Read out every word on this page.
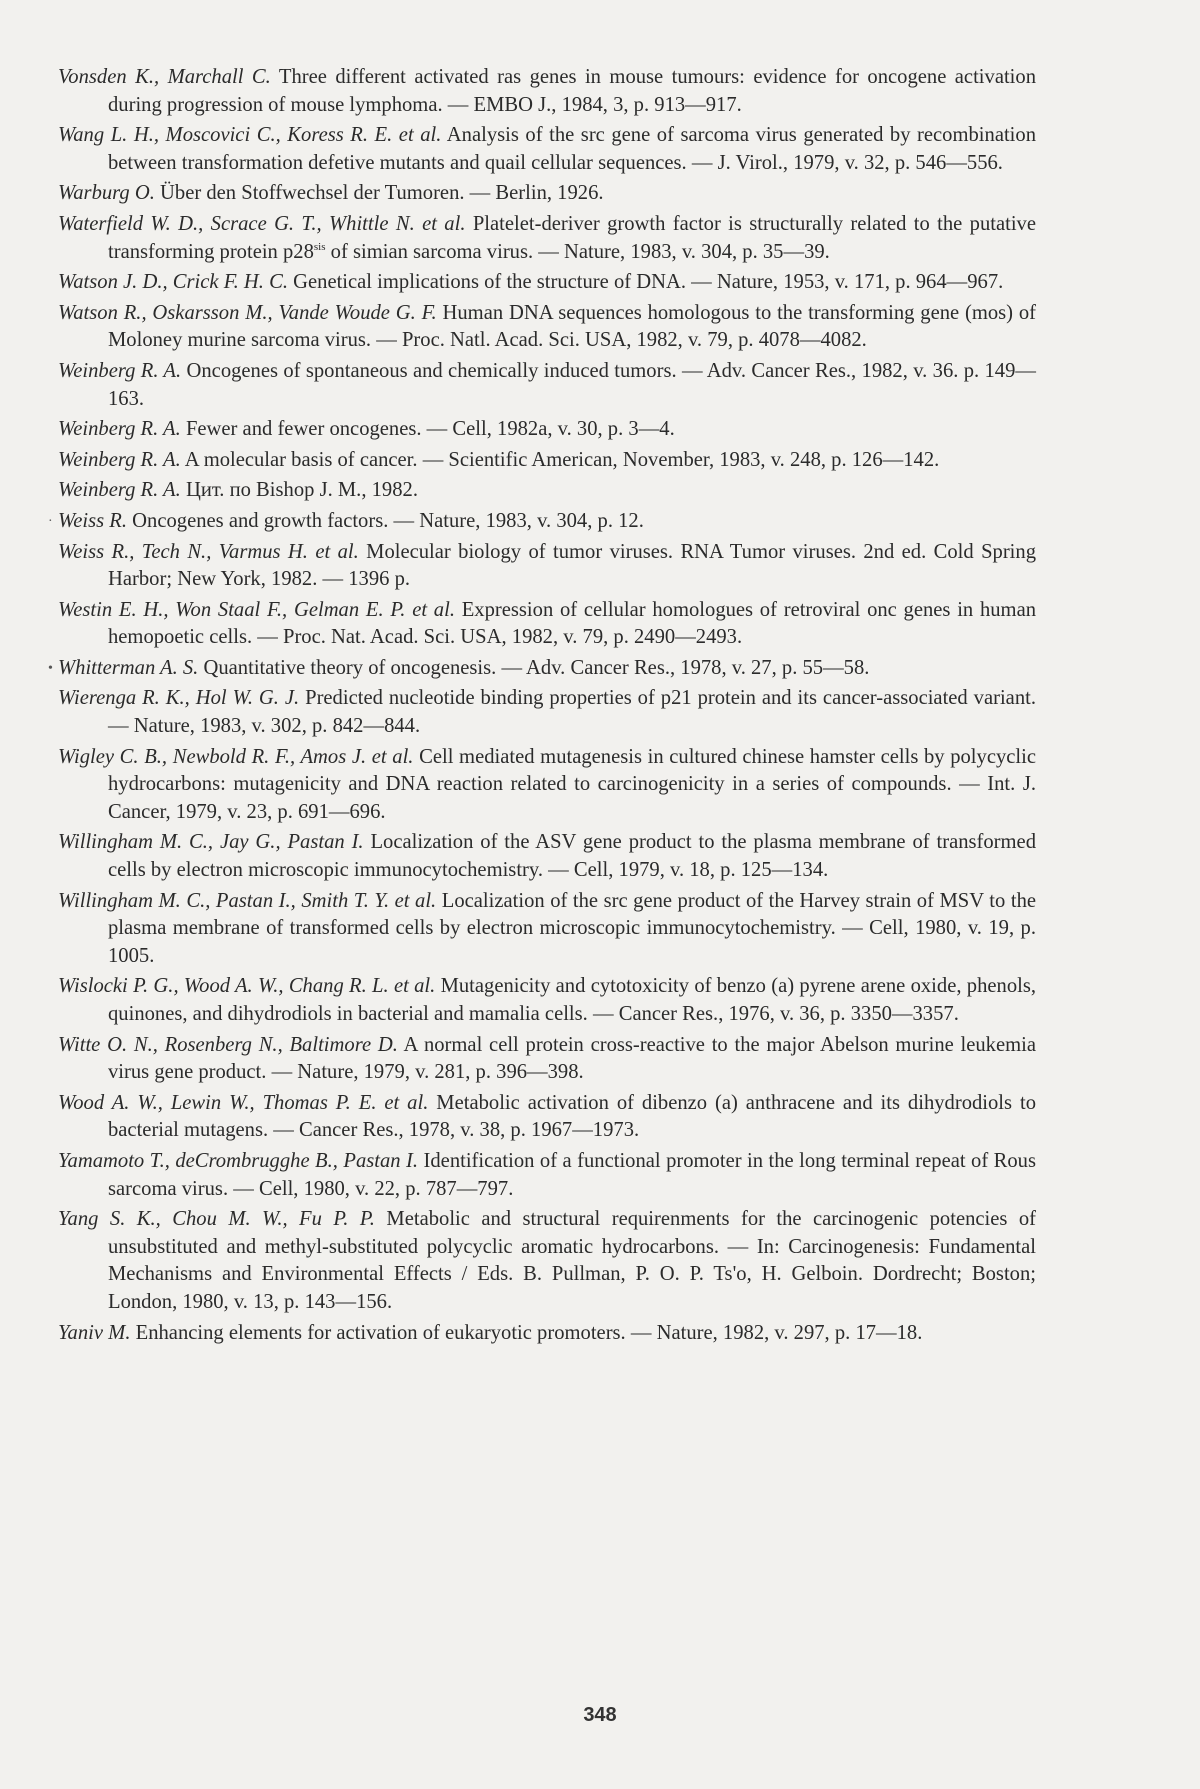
Vonsden K., Marchall C. Three different activated ras genes in mouse tumours: evidence for oncogene activation during progression of mouse lymphoma. — EMBO J., 1984, 3, p. 913—917.

Wang L. H., Moscovici C., Koress R. E. et al. Analysis of the src gene of sarcoma virus generated by recombination between transformation defetive mutants and quail cellular sequences. — J. Virol., 1979, v. 32, p. 546—556.

Warburg O. Über den Stoffwechsel der Tumoren. — Berlin, 1926.

Waterfield W. D., Scrace G. T., Whittle N. et al. Platelet-deriver growth factor is structurally related to the putative transforming protein $p28^{sis}$ of simian sarcoma virus. — Nature, 1983, v. 304, p. 35—39.

Watson J. D., Crick F. H. C. Genetical implications of the structure of DNA. — Nature, 1953, v. 171, p. 964—967.

Watson R., Oskarsson M., Vande Woude G. F. Human DNA sequences homologous to the transforming gene (mos) of Moloney murine sarcoma virus. — Proc. Natl. Acad. Sci. USA, 1982, v. 79, p. 4078—4082.

Weinberg R. A. Oncogenes of spontaneous and chemically induced tumors. — Adv. Cancer Res., 1982, v. 36. p. 149—163.

Weinberg R. A. Fewer and fewer oncogenes. — Cell, 1982a, v. 30, p. 3—4.

Weinberg R. A. A molecular basis of cancer. — Scientific American, November, 1983, v. 248, p. 126—142.

Weinberg R. A. Цит. по Bishop J. M., 1982.

· Weiss R. Oncogenes and growth factors. — Nature, 1983, v. 304, p. 12.

Weiss R., Tech N., Varmus H. et al. Molecular biology of tumor viruses. RNA Tumor viruses. 2nd ed. Cold Spring Harbor; New York, 1982. — 1396 p.

Westin E. H., Won Staal F., Gelman E. P. et al. Expression of cellular homologues of retroviral onc genes in human hemopoetic cells. — Proc. Nat. Acad. Sci. USA, 1982, v. 79, p. 2490—2493.

• Whitterman A. S. Quantitative theory of oncogenesis. — Adv. Cancer Res., 1978, v. 27, p. 55—58.

Wierenga R. K., Hol W. G. J. Predicted nucleotide binding properties of p21 protein and its cancer-associated variant. — Nature, 1983, v. 302, p. 842—844.

Wigley C. B., Newbold R. F., Amos J. et al. Cell mediated mutagenesis in cultured chinese hamster cells by polycyclic hydrocarbons: mutagenicity and DNA reaction related to carcinogenicity in a series of compounds. — Int. J. Cancer, 1979, v. 23, p. 691—696.

Willingham M. C., Jay G., Pastan I. Localization of the ASV gene product to the plasma membrane of transformed cells by electron microscopic immunocytochemistry. — Cell, 1979, v. 18, p. 125—134.

Willingham M. C., Pastan I., Smith T. Y. et al. Localization of the src gene product of the Harvey strain of MSV to the plasma membrane of transformed cells by electron microscopic immunocytochemistry. — Cell, 1980, v. 19, p. 1005.

Wislocki P. G., Wood A. W., Chang R. L. et al. Mutagenicity and cytotoxicity of benzo (a) pyrene arene oxide, phenols, quinones, and dihydrodiols in bacterial and mamalia cells. — Cancer Res., 1976, v. 36, p. 3350—3357.

Witte O. N., Rosenberg N., Baltimore D. A normal cell protein cross-reactive to the major Abelson murine leukemia virus gene product. — Nature, 1979, v. 281, p. 396—398.

Wood A. W., Lewin W., Thomas P. E. et al. Metabolic activation of dibenzo (a) anthracene and its dihydrodiols to bacterial mutagens. — Cancer Res., 1978, v. 38, p. 1967—1973.

Yamamoto T., deCrombrugghe B., Pastan I. Identification of a functional promoter in the long terminal repeat of Rous sarcoma virus. — Cell, 1980, v. 22, p. 787—797.

Yang S. K., Chou M. W., Fu P. P. Metabolic and structural requirenments for the carcinogenic potencies of unsubstituted and methyl-substituted polycyclic aromatic hydrocarbons. — In: Carcinogenesis: Fundamental Mechanisms and Environmental Effects / Eds. B. Pullman, P. O. P. Ts'o, H. Gelboin. Dordrecht; Boston; London, 1980, v. 13, p. 143—156.

Yaniv M. Enhancing elements for activation of eukaryotic promoters. — Nature, 1982, v. 297, p. 17—18.

348
